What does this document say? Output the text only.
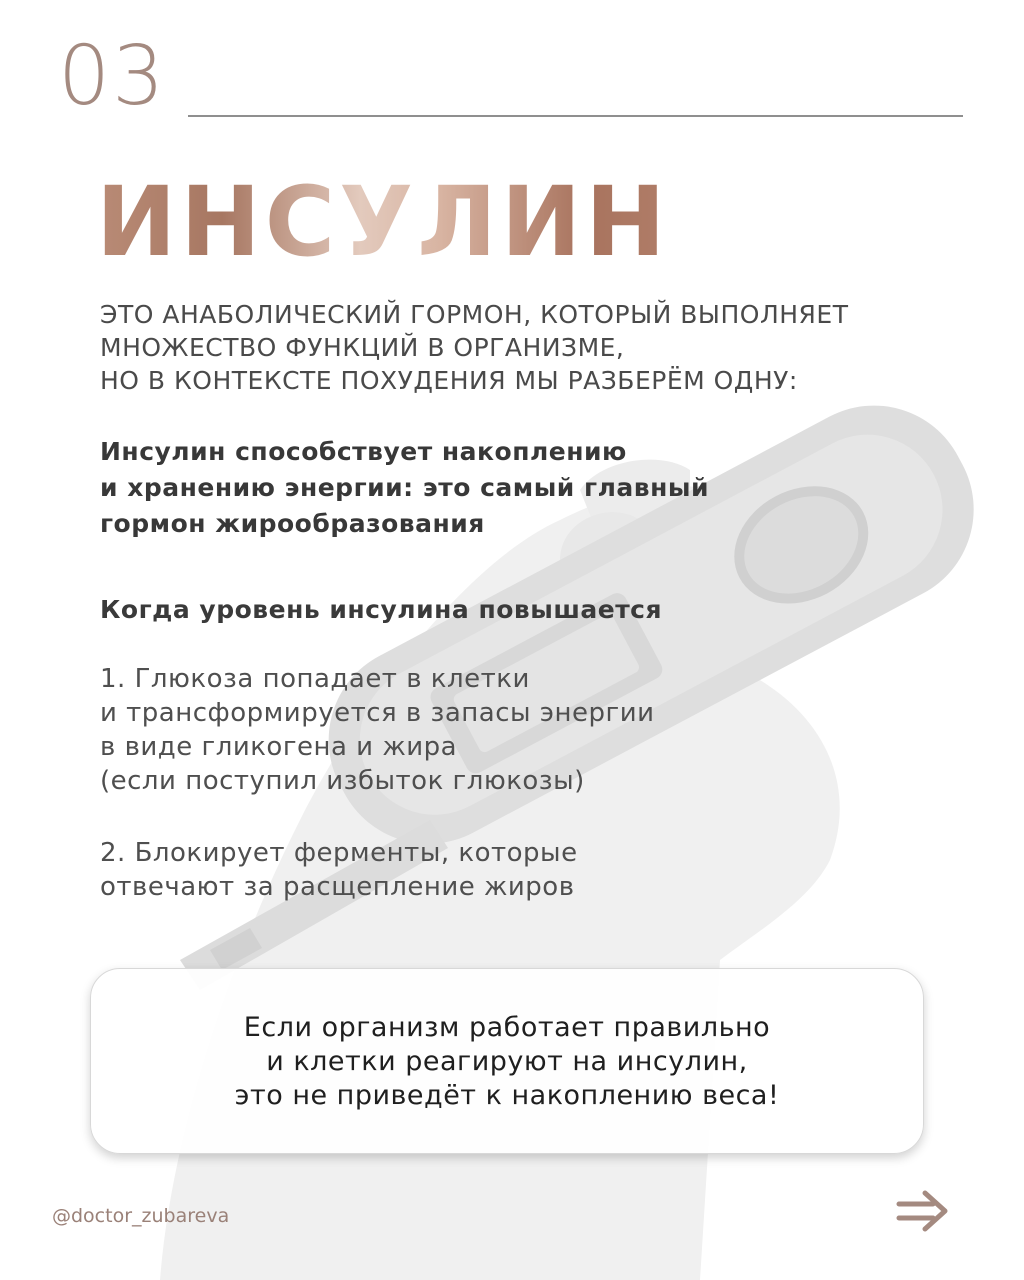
03
ИНСУЛИН
ЭТО АНАБОЛИЧЕСКИЙ ГОРМОН, КОТОРЫЙ ВЫПОЛНЯЕТ
МНОЖЕСТВО ФУНКЦИЙ В ОРГАНИЗМЕ,
НО В КОНТЕКСТЕ ПОХУДЕНИЯ МЫ РАЗБЕРЁМ ОДНУ:
Инсулин способствует накоплению
и хранению энергии: это самый главный
гормон жирообразования
Когда уровень инсулина повышается
1. Глюкоза попадает в клетки
и трансформируется в запасы энергии
в виде гликогена и жира
(если поступил избыток глюкозы)
2. Блокирует ферменты, которые
отвечают за расщепление жиров
Если организм работает правильно
и клетки реагируют на инсулин,
это не приведёт к накоплению веса!
@doctor_zubareva
